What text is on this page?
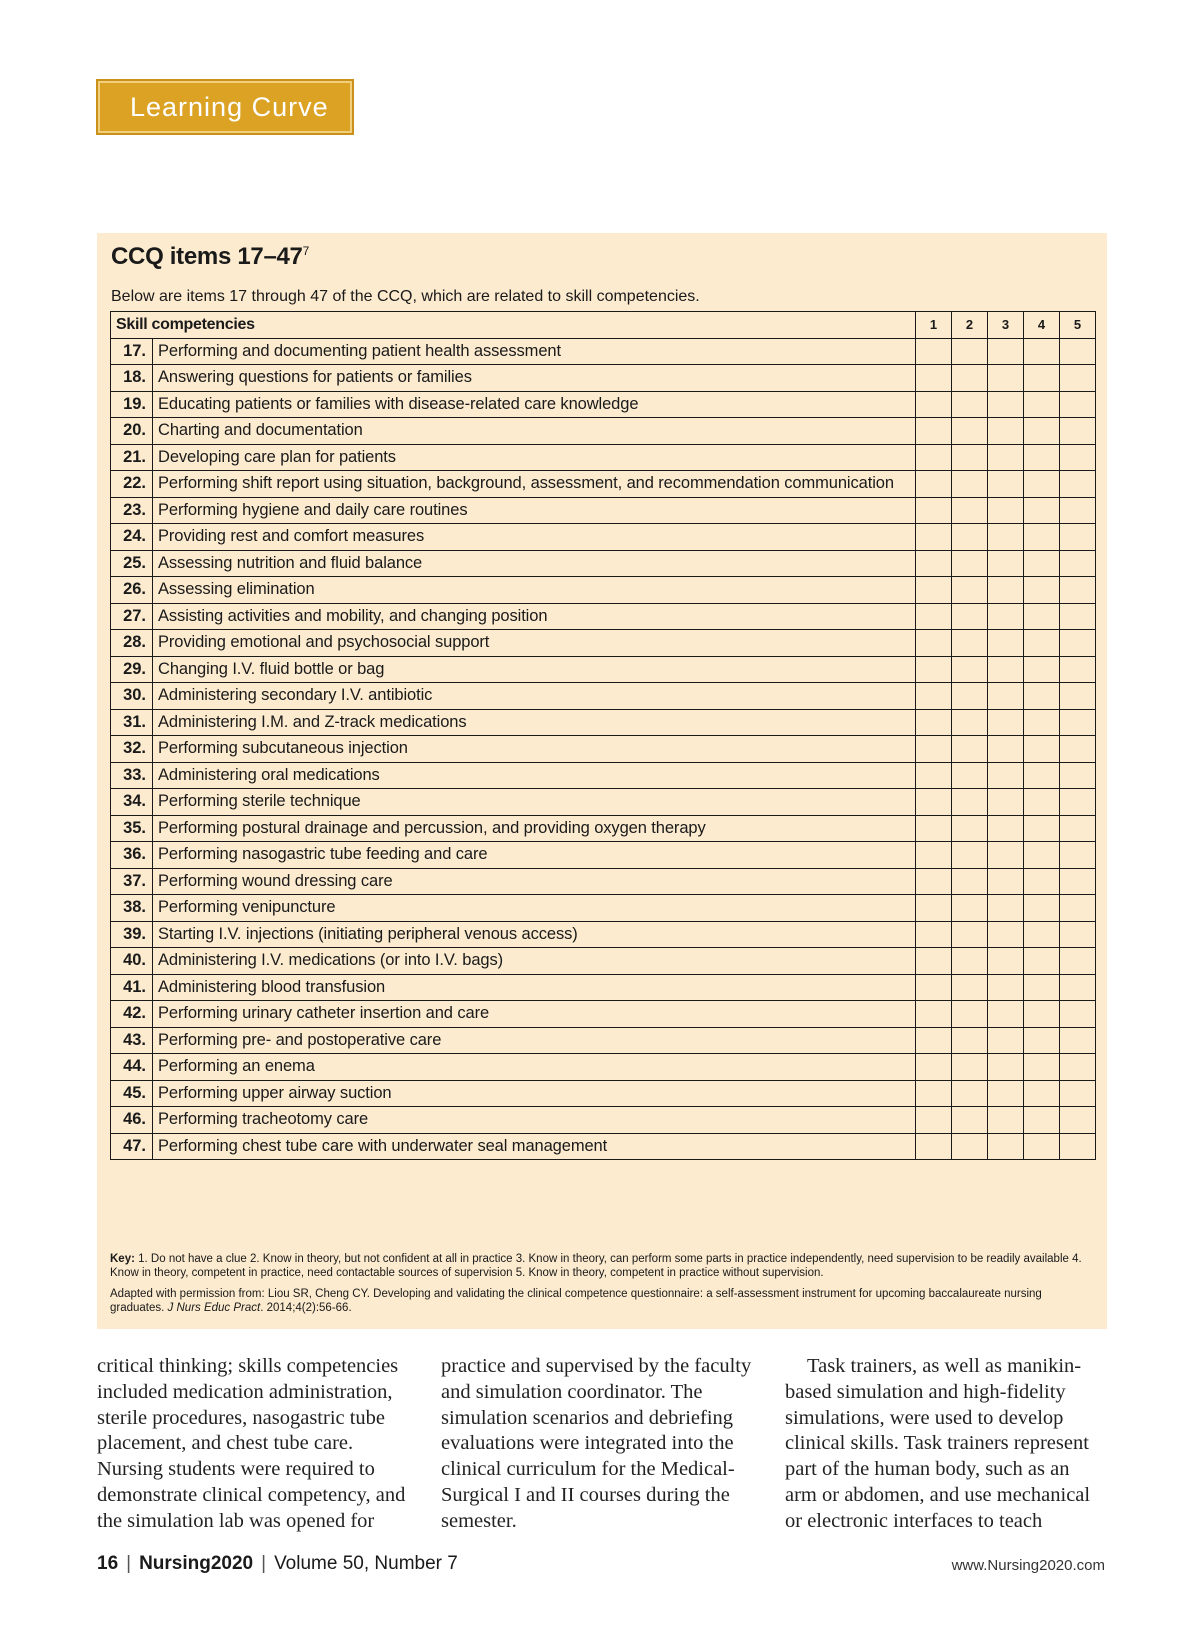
Learning Curve
CCQ items $17-47^7$
Below are items 17 through 47 of the CCQ, which are related to skill competencies.
Skill competencies		1	2	3	4	5
17.	Performing and documenting patient health assessment					
18.	Answering questions for patients or families					
19.	Educating patients or families with disease-related care knowledge					
20.	Charting and documentation					
21.	Developing care plan for patients					
22.	Performing shift report using situation, background, assessment, and recommendation communication					
23.	Performing hygiene and daily care routines					
24.	Providing rest and comfort measures					
25.	Assessing nutrition and fluid balance					
26.	Assessing elimination					
27.	Assisting activities and mobility, and changing position					
28.	Providing emotional and psychosocial support					
29.	Changing I.V. fluid bottle or bag					
30.	Administering secondary I.V. antibiotic					
31.	Administering I.M. and Z-track medications					
32.	Performing subcutaneous injection					
33.	Administering oral medications					
34.	Performing sterile technique					
35.	Performing postural drainage and percussion, and providing oxygen therapy					
36.	Performing nasogastric tube feeding and care					
37.	Performing wound dressing care					
38.	Performing venipuncture					
39.	Starting I.V. injections (initiating peripheral venous access)					
40.	Administering I.V. medications (or into I.V. bags)					
41.	Administering blood transfusion					
42.	Performing urinary catheter insertion and care					
43.	Performing pre- and postoperative care					
44.	Performing an enema					
45.	Performing upper airway suction					
46.	Performing tracheotomy care					
47.	Performing chest tube care with underwater seal management					
Key: 1. Do not have a clue 2. Know in theory, but not confident at all in practice 3. Know in theory, can perform some parts in practice independently, need supervision to be readily available 4. Know in theory, competent in practice, need contactable sources of supervision 5. Know in theory, competent in practice without supervision.
Adapted with permission from: Liou SR, Cheng CY. Developing and validating the clinical competence questionnaire: a self-assessment instrument for upcoming baccalaureate nursing graduates. J Nurs Educ Pract. 2014;4(2):56-66.

critical thinking; skills competencies included medication administration, sterile procedures, nasogastric tube placement, and chest tube care. Nursing students were required to demonstrate clinical competency, and the simulation lab was opened for

practice and supervised by the faculty and simulation coordinator. The simulation scenarios and debriefing evaluations were integrated into the clinical curriculum for the Medical-Surgical I and II courses during the semester.

Task trainers, as well as manikin-based simulation and high-fidelity simulations, were used to develop clinical skills. Task trainers represent part of the human body, such as an arm or abdomen, and use mechanical or electronic interfaces to teach

16 | Nursing2020 | Volume 50, Number 7	www.Nursing2020.com
